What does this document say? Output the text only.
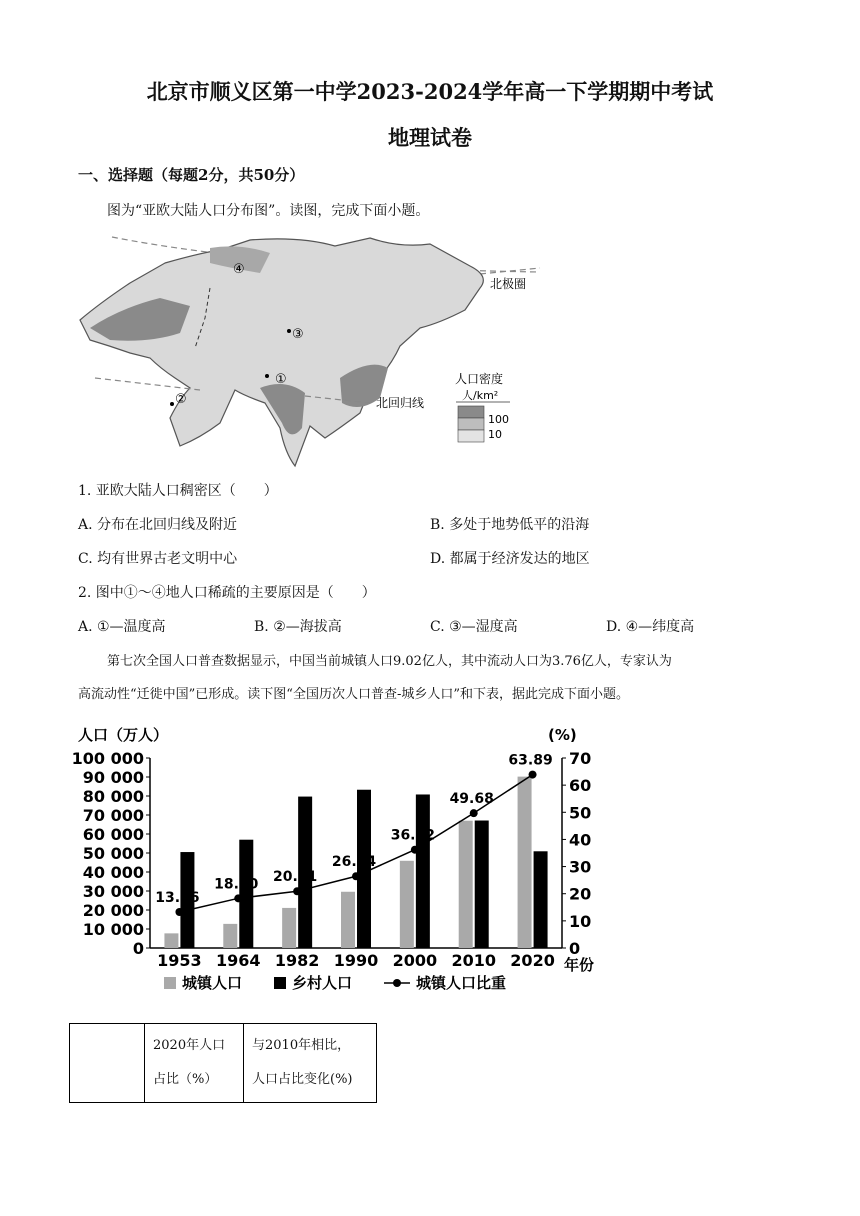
北京市顺义区第一中学2023-2024学年高一下学期期中考试
地理试卷
一、选择题（每题2分，共50分）
图为“亚欧大陆人口分布图”。读图，完成下面小题。
①
②
③
④
北极圈
北回归线
人口密度
人/km²
100
10
1. 亚欧大陆人口稠密区（　　）
A. 分布在北回归线及附近	B. 多处于地势低平的沿海
C. 均有世界古老文明中心	D. 都属于经济发达的地区
2. 图中①～④地人口稀疏的主要原因是（　　）
A. ①—温度高	B. ②—海拔高	C. ③—湿度高	D. ④—纬度高
第七次全国人口普查数据显示，中国当前城镇人口9.02亿人，其中流动人口为3.76亿人，专家认为
高流动性“迁徙中国”已形成。读下图“全国历次人口普查-城乡人口”和下表，据此完成下面小题。
人口（万人）	(%)
0
10 000
20 000
30 000
40 000
50 000
60 000
70 000
80 000
90 000
100 000
0
10
20
30
40
50
60
70
1953 1964 1982 1990 2000 2010 2020 年份
13.26
18.30 20.91
26.44
36.22
49.68
63.89
城镇人口	乡村人口	城镇人口比重

2020年人口
占比（%）

与2010年相比，
人口占比变化(%)
